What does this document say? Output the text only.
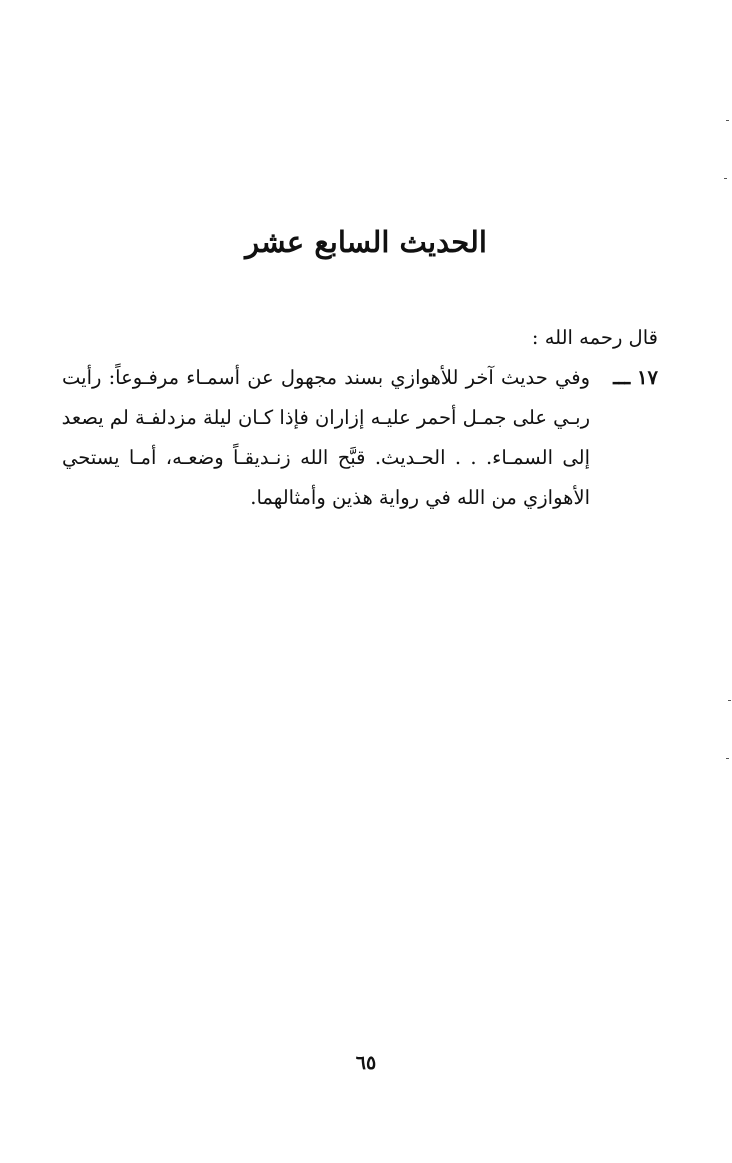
الحديث السابع عشر
قال رحمه الله :
١٧ ـــ
وفي حديث آخر للأهوازي بسند مجهول عن أسمـاء مرفـوعاً: رأيت
ربـي على جمـل أحمر عليـه إزاران فإذا كـان ليلة مزدلفـة لم يصعد
إلى السمـاء. . . الحـديث. قبَّح الله زنـديقـاً وضعـه، أمـا يستحي
الأهوازي من الله في رواية هذين وأمثالهما.
٦٥
